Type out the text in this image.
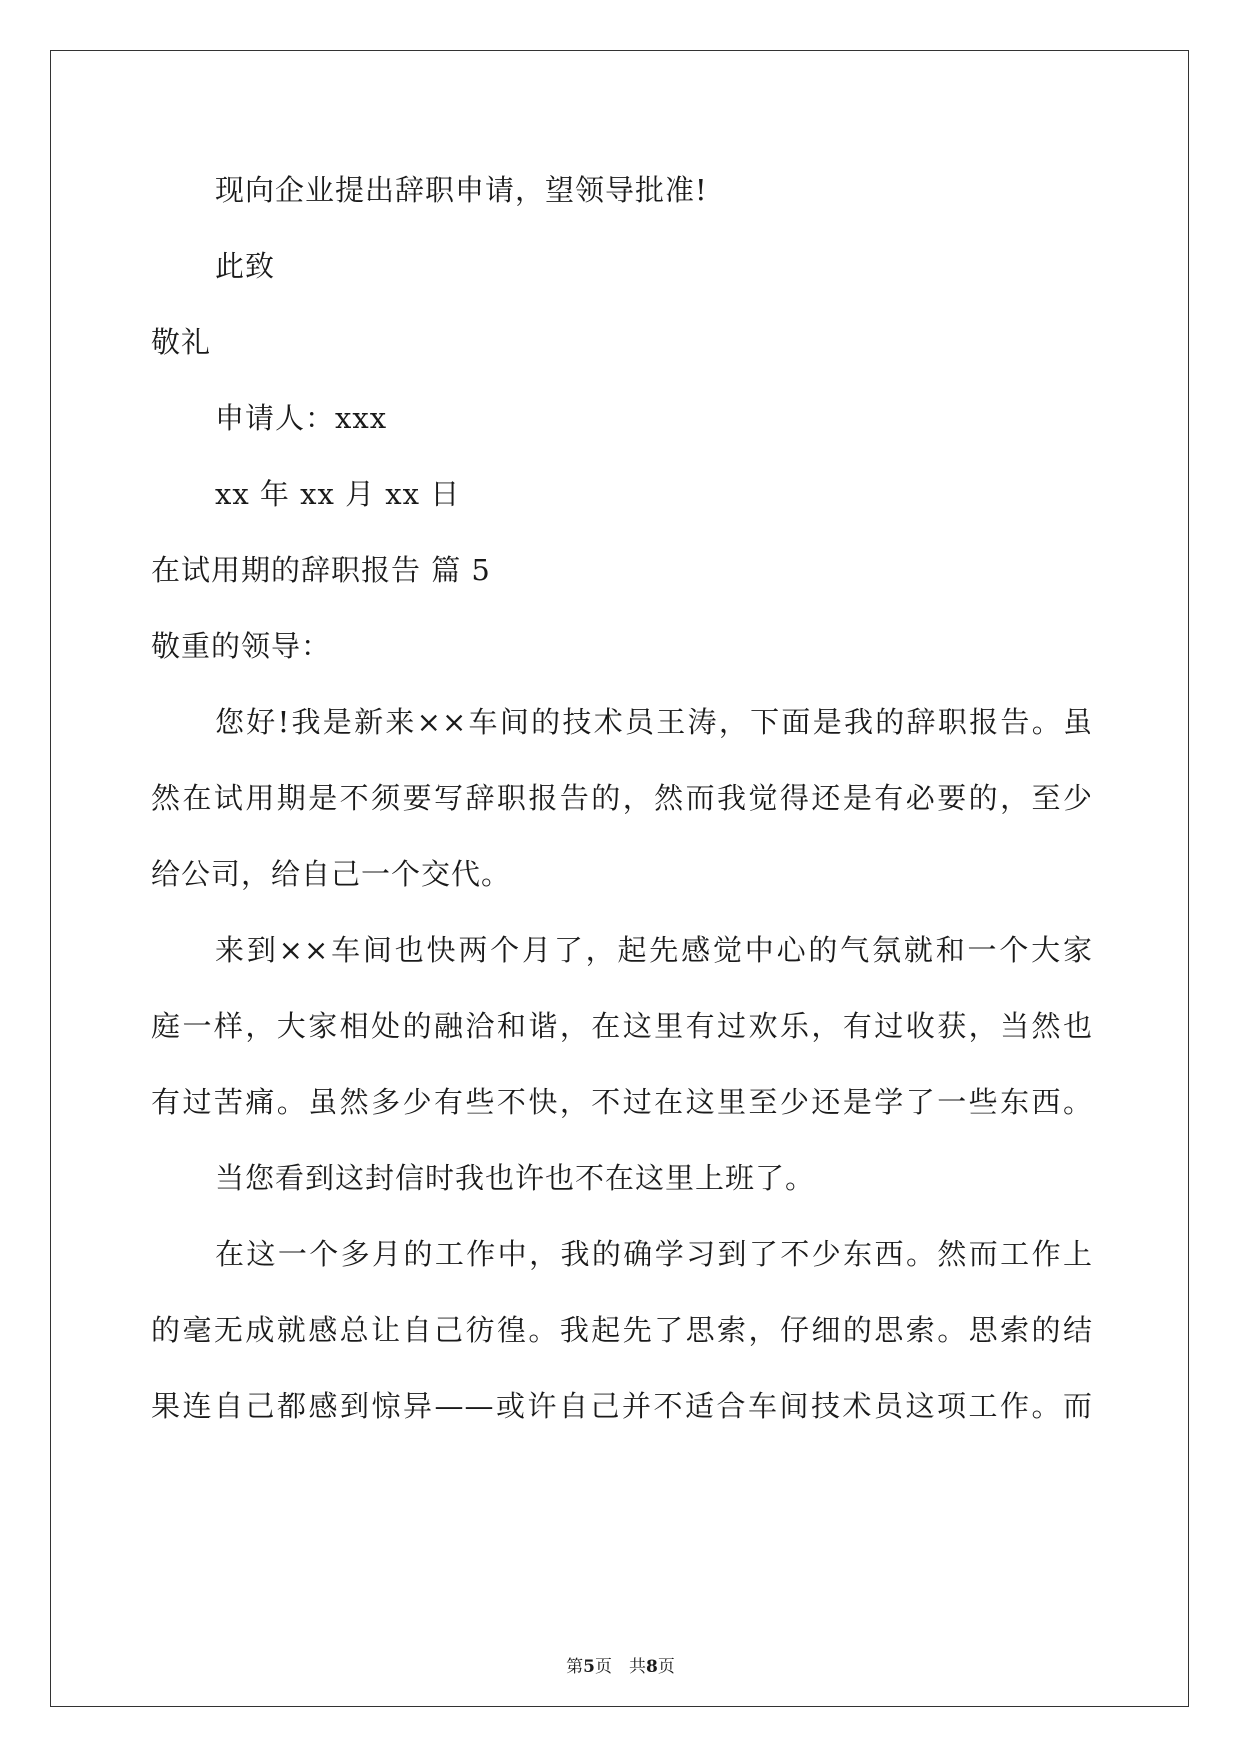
现向企业提出辞职申请，望领导批准!
此致
敬礼
申请人：xxx
xx 年 xx 月 xx 日
在试用期的辞职报告 篇 5
敬重的领导：
您好!我是新来××车间的技术员王涛，下面是我的辞职报告。虽
然在试用期是不须要写辞职报告的，然而我觉得还是有必要的，至少
给公司，给自己一个交代。
来到××车间也快两个月了，起先感觉中心的气氛就和一个大家
庭一样，大家相处的融洽和谐，在这里有过欢乐，有过收获，当然也
有过苦痛。虽然多少有些不快，不过在这里至少还是学了一些东西。
当您看到这封信时我也许也不在这里上班了。
在这一个多月的工作中，我的确学习到了不少东西。然而工作上
的毫无成就感总让自己彷徨。我起先了思索，仔细的思索。思索的结
果连自己都感到惊异——或许自己并不适合车间技术员这项工作。而
第5页　共8页
